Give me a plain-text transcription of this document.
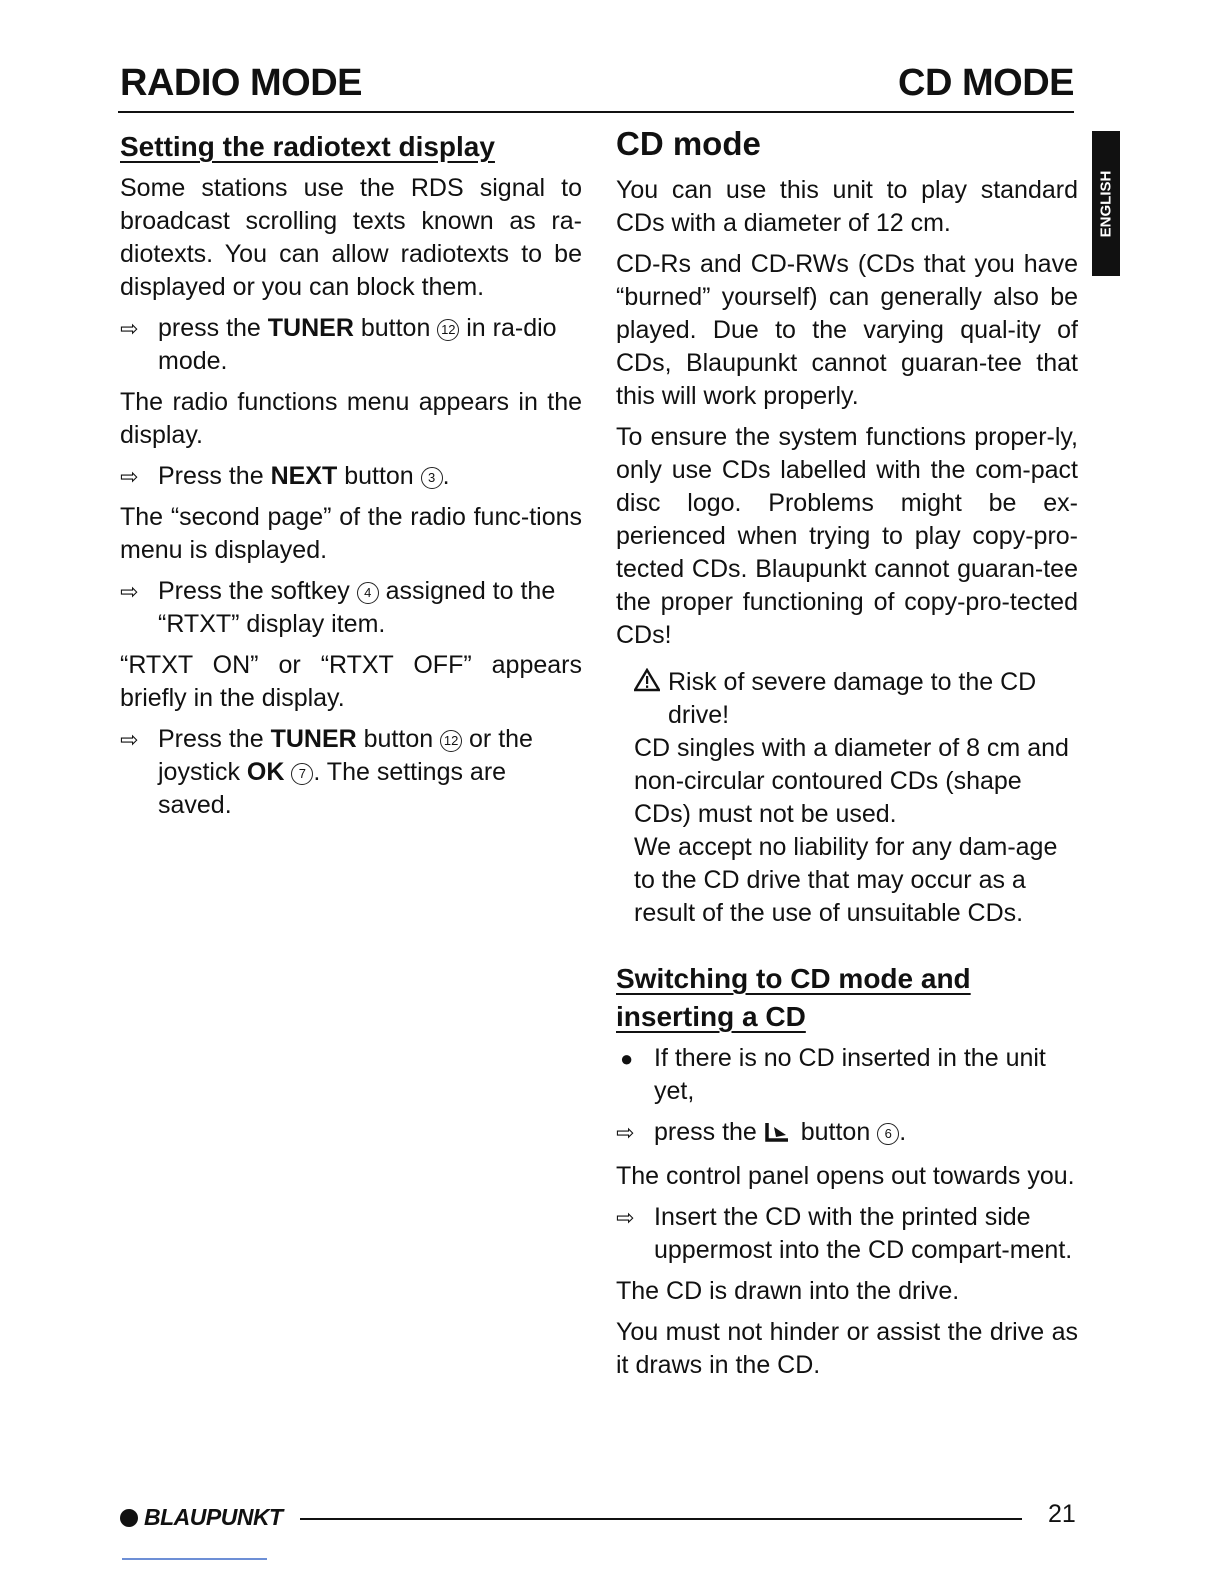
RADIO MODE	CD MODE
ENGLISH
Setting the radiotext display

Some stations use the RDS signal to broadcast scrolling texts known as ra-diotexts. You can allow radiotexts to be displayed or you can block them.

⇨ press the TUNER button 12 in ra-dio mode.

The radio functions menu appears in the display.

⇨ Press the NEXT button 3 .

The “second page” of the radio func-tions menu is displayed.

⇨ Press the softkey 4 assigned to the “RTXT” display item.

“RTXT ON” or “RTXT OFF” appears briefly in the display.

⇨ Press the TUNER button 12 or the joystick OK 7 . The settings are saved.
CD mode

You can use this unit to play standard CDs with a diameter of 12 cm.

CD-Rs and CD-RWs (CDs that you have “burned” yourself) can generally also be played. Due to the varying qual-ity of CDs, Blaupunkt cannot guaran-tee that this will work properly.

To ensure the system functions proper-ly, only use CDs labelled with the com-pact disc logo. Problems might be ex-perienced when trying to play copy-pro-tected CDs. Blaupunkt cannot guaran-tee the proper functioning of copy-pro-tected CDs!

Risk of severe damage to the CD drive!

CD singles with a diameter of 8 cm and non-circular contoured CDs (shape CDs) must not be used.

We accept no liability for any dam-age to the CD drive that may occur as a result of the use of unsuitable CDs.

Switching to CD mode and inserting a CD
● If there is no CD inserted in the unit yet,
⇨ press the  button 6 .

The control panel opens out towards you.

⇨ Insert the CD with the printed side uppermost into the CD compart-ment.

The CD is drawn into the drive.

You must not hinder or assist the drive as it draws in the CD.

BLAUPUNKT	21
